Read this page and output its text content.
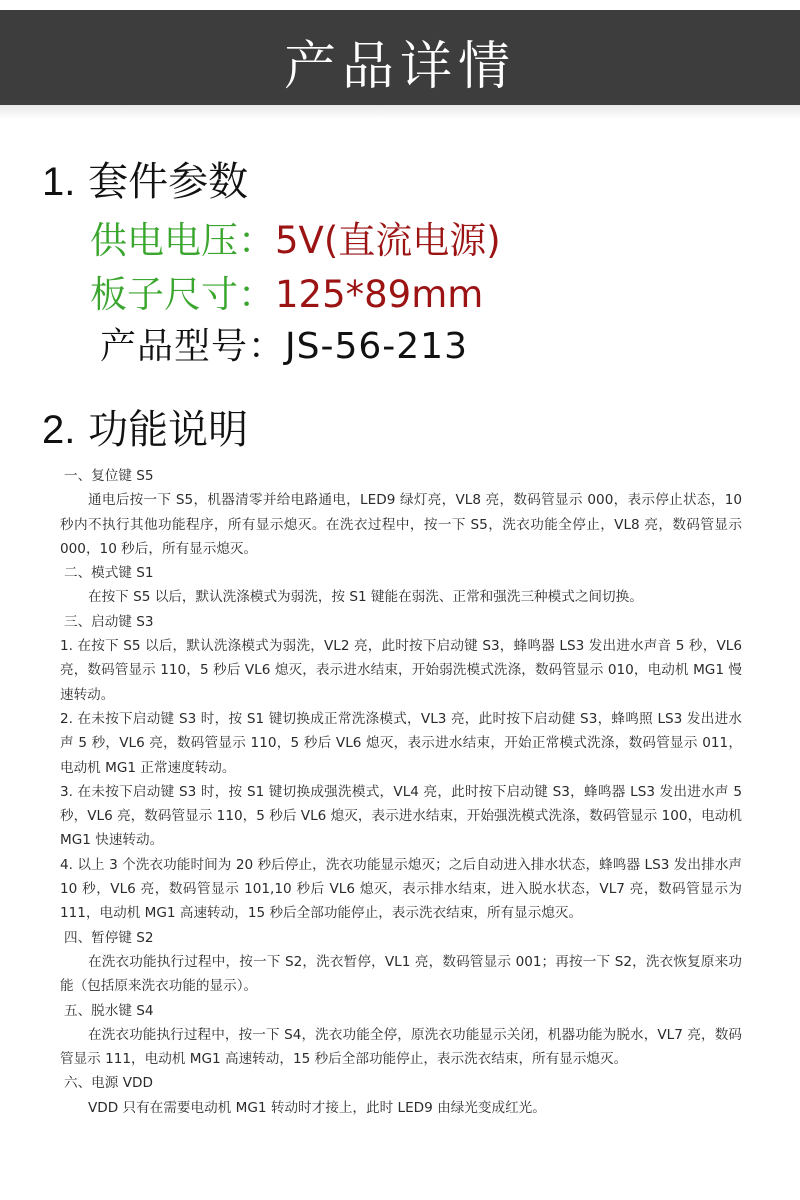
产品详情
1. 套件参数
供电电压：5V(直流电源)
板子尺寸：125*89mm
产品型号：JS-56-213
2. 功能说明

一、复位键 S5

通电后按一下 S5，机器清零并给电路通电，LED9 绿灯亮，VL8 亮，数码管显示 000，表示停止状态，10 秒内不执行其他功能程序，所有显示熄灭。在洗衣过程中，按一下 S5，洗衣功能全停止，VL8 亮，数码管显示 000，10 秒后，所有显示熄灭。

二、模式键 S1

在按下 S5 以后，默认洗涤模式为弱洗，按 S1 键能在弱洗、正常和强洗三种模式之间切换。

三、启动键 S3

1. 在按下 S5 以后，默认洗涤模式为弱洗，VL2 亮，此时按下启动键 S3，蜂鸣器 LS3 发出进水声音 5 秒，VL6 亮，数码管显示 110，5 秒后 VL6 熄灭，表示进水结束，开始弱洗模式洗涤，数码管显示 010，电动机 MG1 慢速转动。

2. 在未按下启动键 S3 时，按 S1 键切换成正常洗涤模式，VL3 亮，此时按下启动健 S3，蜂鸣照 LS3 发出进水声 5 秒，VL6 亮，数码管显示 110，5 秒后 VL6 熄灭，表示进水结束，开始正常模式洗涤，数码管显示 011，电动机 MG1 正常速度转动。

3. 在未按下启动键 S3 时，按 S1 键切换成强洗模式，VL4 亮，此时按下启动键 S3，蜂鸣器 LS3 发出进水声 5 秒，VL6 亮，数码管显示 110，5 秒后 VL6 熄灭，表示进水结束，开始强洗模式洗涤，数码管显示 100，电动机 MG1 快速转动。

4. 以上 3 个洗衣功能时间为 20 秒后停止，洗衣功能显示熄灭；之后自动进入排水状态，蜂鸣器 LS3 发出排水声 10 秒，VL6 亮，数码管显示 101,10 秒后 VL6 熄灭，表示排水结束，进入脱水状态，VL7 亮，数码管显示为 111，电动机 MG1 高速转动，15 秒后全部功能停止，表示洗衣结束，所有显示熄灭。

四、暂停键 S2

在洗衣功能执行过程中，按一下 S2，洗衣暂停，VL1 亮，数码管显示 001；再按一下 S2，洗衣恢复原来功能（包括原来洗衣功能的显示）。

五、脱水键 S4

在洗衣功能执行过程中，按一下 S4，洗衣功能全停，原洗衣功能显示关闭，机器功能为脱水，VL7 亮，数码管显示 111，电动机 MG1 高速转动，15 秒后全部功能停止，表示洗衣结束，所有显示熄灭。

六、电源 VDD

VDD 只有在需要电动机 MG1 转动时才接上，此时 LED9 由绿光变成红光。
